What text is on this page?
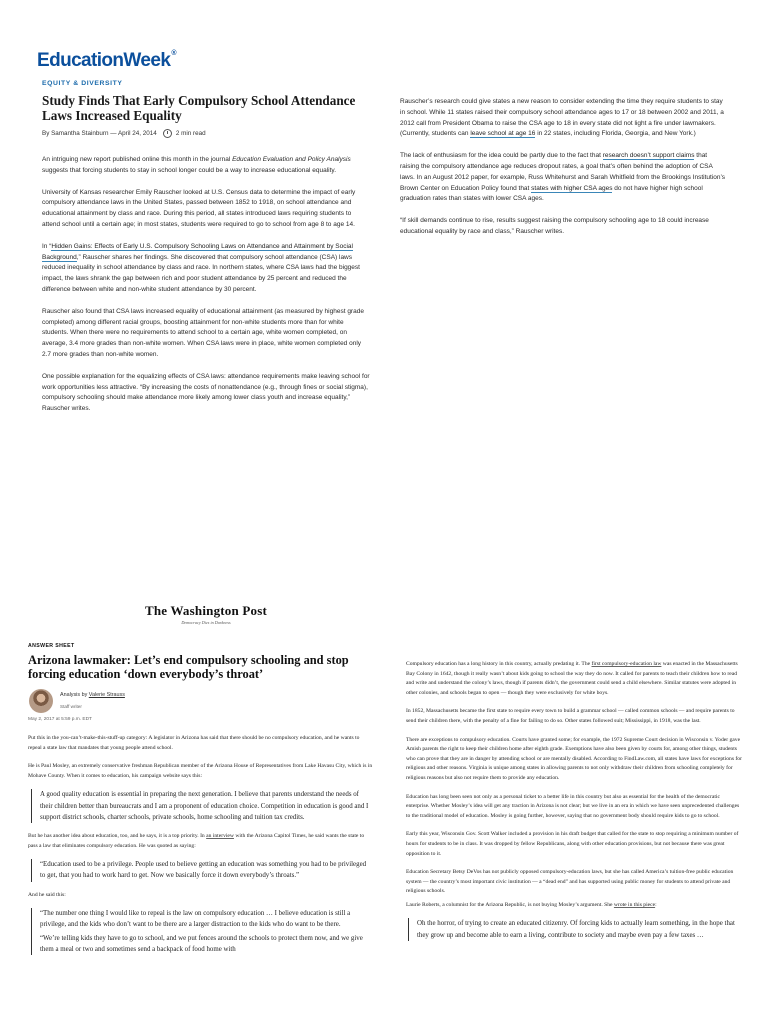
EducationWeek®
EQUITY & DIVERSITY
Study Finds That Early Compulsory School Attendance Laws Increased Equality
By Samantha Stainburn — April 24, 2014	2 min read

An intriguing new report published online this month in the journal Education Evaluation and Policy Analysis suggests that forcing students to stay in school longer could be a way to increase educational equality.

University of Kansas researcher Emily Rauscher looked at U.S. Census data to determine the impact of early compulsory attendance laws in the United States, passed between 1852 to 1918, on school attendance and educational attainment by class and race. During this period, all states introduced laws requiring students to attend school until a certain age; in most states, students were required to go to school from age 8 to age 14.

In “Hidden Gains: Effects of Early U.S. Compulsory Schooling Laws on Attendance and Attainment by Social Background,” Rauscher shares her findings. She discovered that compulsory school attendance (CSA) laws reduced inequality in school attendance by class and race. In northern states, where CSA laws had the biggest impact, the laws shrank the gap between rich and poor student attendance by 25 percent and reduced the difference between white and non-white student attendance by 30 percent.

Rauscher also found that CSA laws increased equality of educational attainment (as measured by highest grade completed) among different racial groups, boosting attainment for non-white students more than for white students. When there were no requirements to attend school to a certain age, white women completed, on average, 3.4 more grades than non-white women. When CSA laws were in place, white women completed only 2.7 more grades than non-white women.

One possible explanation for the equalizing effects of CSA laws: attendance requirements make leaving school for work opportunities less attractive. “By increasing the costs of nonattendance (e.g., through fines or social stigma), compulsory schooling should make attendance more likely among lower class youth and increase equality,” Rauscher writes.

Rauscher’s research could give states a new reason to consider extending the time they require students to stay in school. While 11 states raised their compulsory school attendance ages to 17 or 18 between 2002 and 2011, a 2012 call from President Obama to raise the CSA age to 18 in every state did not light a fire under lawmakers. (Currently, students can leave school at age 16 in 22 states, including Florida, Georgia, and New York.)

The lack of enthusiasm for the idea could be partly due to the fact that research doesn’t support claims that raising the compulsory attendance age reduces dropout rates, a goal that’s often behind the adoption of CSA laws. In an August 2012 paper, for example, Russ Whitehurst and Sarah Whitfield from the Brookings Institution’s Brown Center on Education Policy found that states with higher CSA ages do not have higher high school graduation rates than states with lower CSA ages.

“If skill demands continue to rise, results suggest raising the compulsory schooling age to 18 could increase educational equality by race and class,” Rauscher writes.

The Washington Post
Democracy Dies in Darkness
ANSWER SHEET
Arizona lawmaker: Let’s end compulsory schooling and stop forcing education ‘down everybody’s throat’
Analysis by Valerie Strauss
Staff writer
May 2, 2017 at 5:59 p.m. EDT

Put this in the you-can’t-make-this-stuff-up category: A legislator in Arizona has said that there should be no compulsory education, and he wants to repeal a state law that mandates that young people attend school.

He is Paul Mosley, an extremely conservative freshman Republican member of the Arizona House of Representatives from Lake Havasu City, which is in Mohave County. When it comes to education, his campaign website says this:

A good quality education is essential in preparing the next generation. I believe that parents understand the needs of their children better than bureaucrats and I am a proponent of education choice. Competition in education is good and I support district schools, charter schools, private schools, home schooling and tuition tax credits.

But he has another idea about education, too, and he says, it is a top priority. In an interview with the Arizona Capitol Times, he said wants the state to pass a law that eliminates compulsory education. He was quoted as saying:

“Education used to be a privilege. People used to believe getting an education was something you had to be privileged to get, that you had to work hard to get. Now we basically force it down everybody’s throats.”

And he said this:

“The number one thing I would like to repeal is the law on compulsory education … I believe education is still a privilege, and the kids who don’t want to be there are a larger distraction to the kids who do want to be there.

“We’re telling kids they have to go to school, and we put fences around the schools to protect them now, and we give them a meal or two and sometimes send a backpack of food home with

Compulsory education has a long history in this country, actually predating it. The first compulsory-education law was enacted in the Massachusetts Bay Colony in 1642, though it really wasn’t about kids going to school the way they do now. It called for parents to teach their children how to read and write and understand the colony’s laws, though if parents didn’t, the government could send a child elsewhere. Similar statutes were adopted in other colonies, and schools began to open — though they were exclusively for white boys.

In 1852, Massachusetts became the first state to require every town to build a grammar school — called common schools — and require parents to send their children there, with the penalty of a fine for failing to do so. Other states followed suit; Mississippi, in 1918, was the last.

There are exceptions to compulsory education. Courts have granted some; for example, the 1972 Supreme Court decision in Wisconsin v. Yoder gave Amish parents the right to keep their children home after eighth grade. Exemptions have also been given by courts for, among other things, students who can prove that they are in danger by attending school or are mentally disabled. According to FindLaw.com, all states have laws for exceptions for religious and other reasons. Virginia is unique among states in allowing parents to not only withdraw their children from schooling completely for religious reasons but also not require them to provide any education.

Education has long been seen not only as a personal ticket to a better life in this country but also as essential for the health of the democratic enterprise. Whether Mosley’s idea will get any traction in Arizona is not clear; but we live in an era in which we have seen unprecedented challenges to the traditional model of education. Mosley is going further, however, saying that no government body should require kids to go to school.

Early this year, Wisconsin Gov. Scott Walker included a provision in his draft budget that called for the state to stop requiring a minimum number of hours for students to be in class. It was dropped by fellow Republicans, along with other education provisions, but not because there was great opposition to it.

Education Secretary Betsy DeVos has not publicly opposed compulsory-education laws, but she has called America’s tuition-free public education system — the country’s most important civic institution — a “dead end” and has supported using public money for students to attend private and religious schools.

Laurie Roberts, a columnist for the Arizona Republic, is not buying Mosley’s argument. She wrote in this piece:

Oh the horror, of trying to create an educated citizenry. Of forcing kids to actually learn something, in the hope that they grow up and become able to earn a living, contribute to society and maybe even pay a few taxes …
